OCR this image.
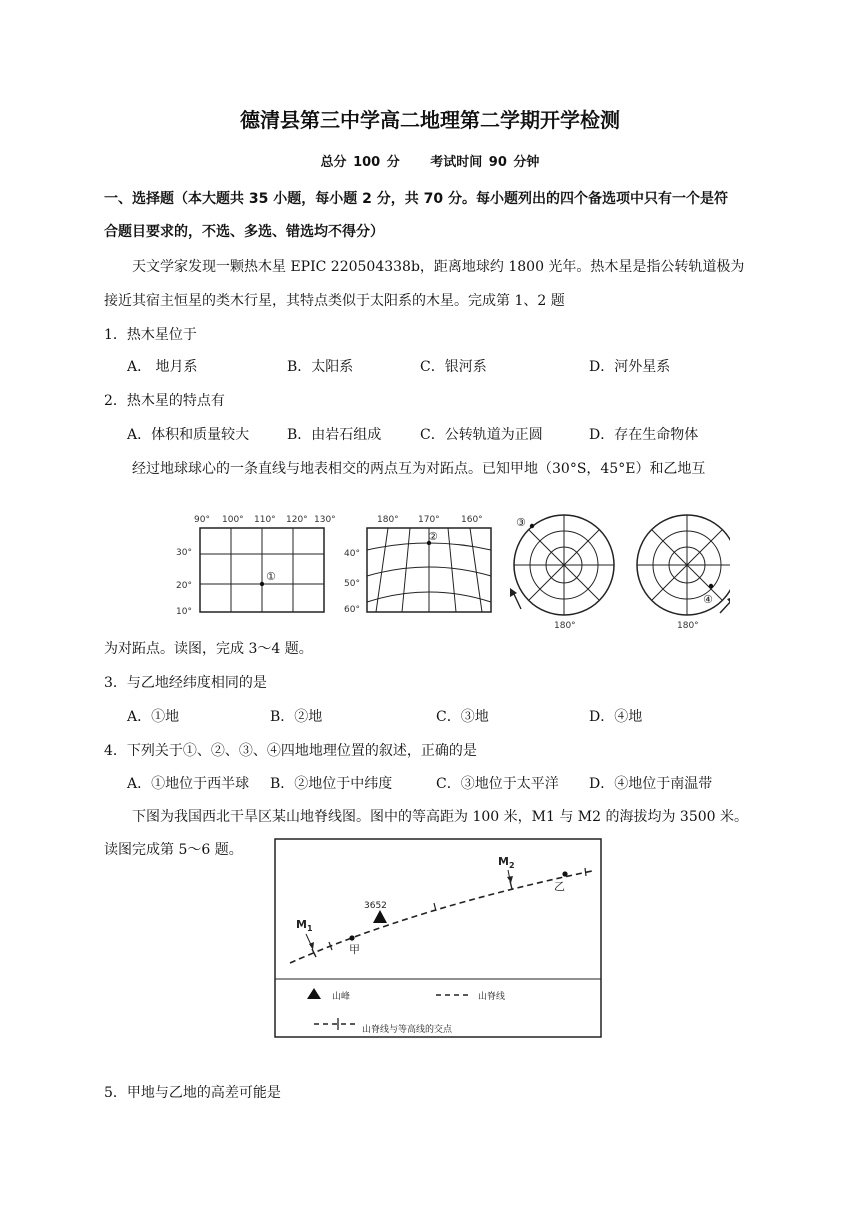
德清县第三中学高二地理第二学期开学检测
总分 100 分 考试时间 90 分钟
一、选择题（本大题共 35 小题，每小题 2 分，共 70 分。每小题列出的四个备选项中只有一个是符
合题目要求的，不选、多选、错选均不得分）
天文学家发现一颗热木星 EPIC 220504338b，距离地球约 1800 光年。热木星是指公转轨道极为
接近其宿主恒星的类木行星，其特点类似于太阳系的木星。完成第 1、2 题
1．热木星位于
A． 地月系	B．太阳系	C．银河系	D．河外星系
2．热木星的特点有
A．体积和质量较大	B．由岩石组成	C．公转轨道为正圆	D．存在生命物体
经过地球球心的一条直线与地表相交的两点互为对跖点。已知甲地（30°S，45°E）和乙地互
90° 100° 110° 120° 130°
30°
20°
10°
①
180° 170° 160°
40°
50°
60°
②
③
180°
④
180°
为对跖点。读图，完成 3～4 题。
3．与乙地经纬度相同的是
A．①地	B．②地	C．③地	D．④地
4．下列关于①、②、③、④四地地理位置的叙述，正确的是
A．①地位于西半球 B．②地位于中纬度	C．③地位于太平洋 D．④地位于南温带
下图为我国西北干旱区某山地脊线图。图中的等高距为 100 米，M1 与 M2 的海拔均为 3500 米。
读图完成第 5～6 题。
$M_1$
$M_2$
3652
甲
乙
山峰	山脊线
山脊线与等高线的交点
5．甲地与乙地的高差可能是
